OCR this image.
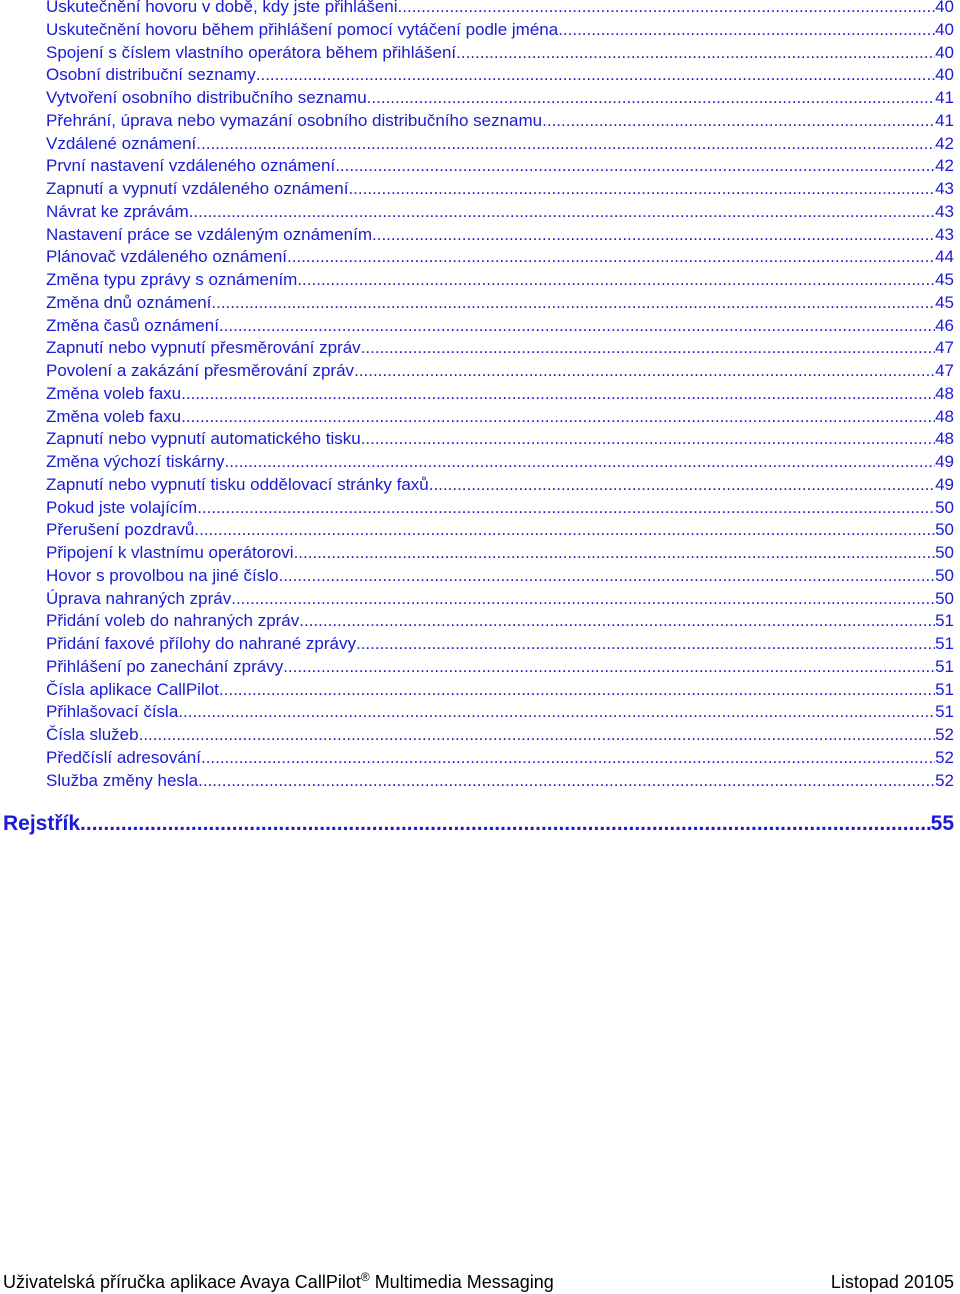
Uskutečnění hovoru v době, kdy jste přihlášeni .....	40
Uskutečnění hovoru během přihlášení pomocí vytáčení podle jména .....	40
Spojení s číslem vlastního operátora během přihlášení .....	40
Osobní distribuční seznamy .....	40
Vytvoření osobního distribučního seznamu .....	41
Přehrání, úprava nebo vymazání osobního distribučního seznamu .....	41
Vzdálené oznámení .....	42
První nastavení vzdáleného oznámení .....	42
Zapnutí a vypnutí vzdáleného oznámení .....	43
Návrat ke zprávám .....	43
Nastavení práce se vzdáleným oznámením .....	43
Plánovač vzdáleného oznámení .....	44
Změna typu zprávy s oznámením .....	45
Změna dnů oznámení .....	45
Změna časů oznámení .....	46
Zapnutí nebo vypnutí přesměrování zpráv .....	47
Povolení a zakázání přesměrování zpráv .....	47
Změna voleb faxu .....	48
Změna voleb faxu .....	48
Zapnutí nebo vypnutí automatického tisku .....	48
Změna výchozí tiskárny .....	49
Zapnutí nebo vypnutí tisku oddělovací stránky faxů .....	49
Pokud jste volajícím .....	50
Přerušení pozdravů .....	50
Připojení k vlastnímu operátorovi .....	50
Hovor s provolbou na jiné číslo .....	50
Úprava nahraných zpráv .....	50
Přidání voleb do nahraných zpráv .....	51
Přidání faxové přílohy do nahrané zprávy .....	51
Přihlášení po zanechání zprávy .....	51
Čísla aplikace CallPilot .....	51
Přihlašovací čísla .....	51
Čísla služeb .....	52
Předčíslí adresování .....	52
Služba změny hesla .....	52
Rejstřík .....	55
Uživatelská příručka aplikace Avaya CallPilot® Multimedia Messaging	Listopad 20105
